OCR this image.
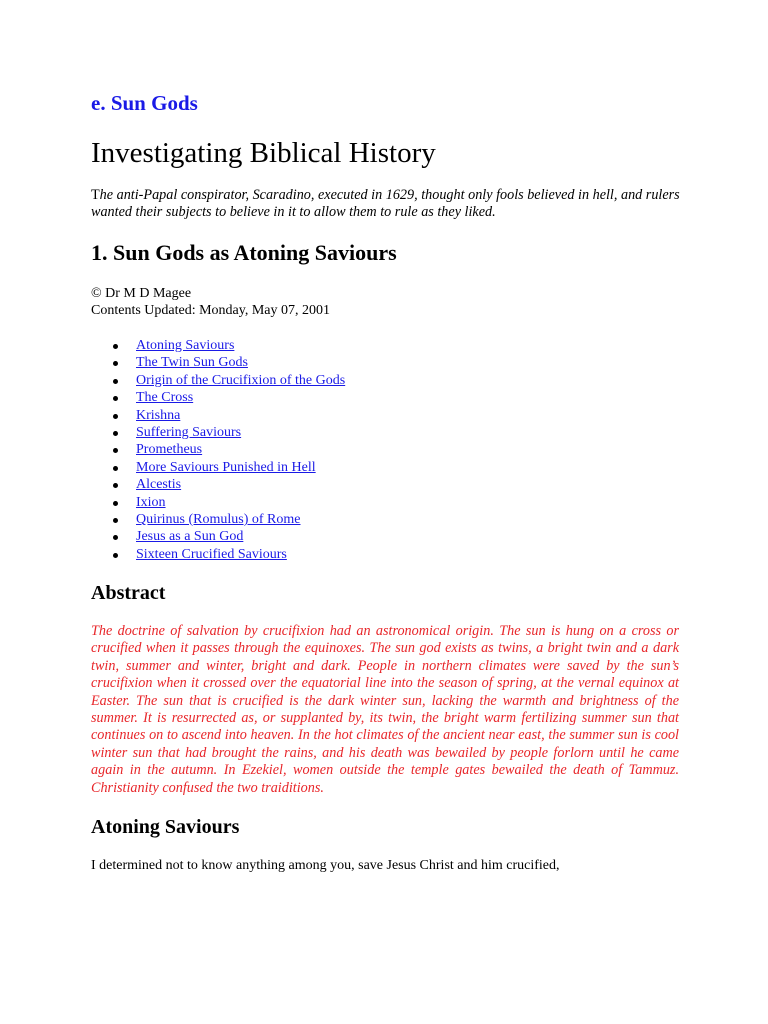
e. Sun Gods
Investigating Biblical History

The anti-Papal conspirator, Scaradino, executed in 1629, thought only fools believed in hell, and rulers wanted their subjects to believe in it to allow them to rule as they liked.

1. Sun Gods as Atoning Saviours
© Dr M D Magee
Contents Updated: Monday, May 07, 2001
Atoning Saviours
The Twin Sun Gods
Origin of the Crucifixion of the Gods
The Cross
Krishna
Suffering Saviours
Prometheus
More Saviours Punished in Hell
Alcestis
Ixion
Quirinus (Romulus) of Rome
Jesus as a Sun God
Sixteen Crucified Saviours
Abstract

The doctrine of salvation by crucifixion had an astronomical origin. The sun is hung on a cross or crucified when it passes through the equinoxes. The sun god exists as twins, a bright twin and a dark twin, summer and winter, bright and dark. People in northern climates were saved by the sun’s crucifixion when it crossed over the equatorial line into the season of spring, at the vernal equinox at Easter. The sun that is crucified is the dark winter sun, lacking the warmth and brightness of the summer. It is resurrected as, or supplanted by, its twin, the bright warm fertilizing summer sun that continues on to ascend into heaven. In the hot climates of the ancient near east, the summer sun is cool winter sun that had brought the rains, and his death was bewailed by people forlorn until he came again in the autumn. In Ezekiel, women outside the temple gates bewailed the death of Tammuz. Christianity confused the two traiditions.

Atoning Saviours

I determined not to know anything among you, save Jesus Christ and him crucified,
